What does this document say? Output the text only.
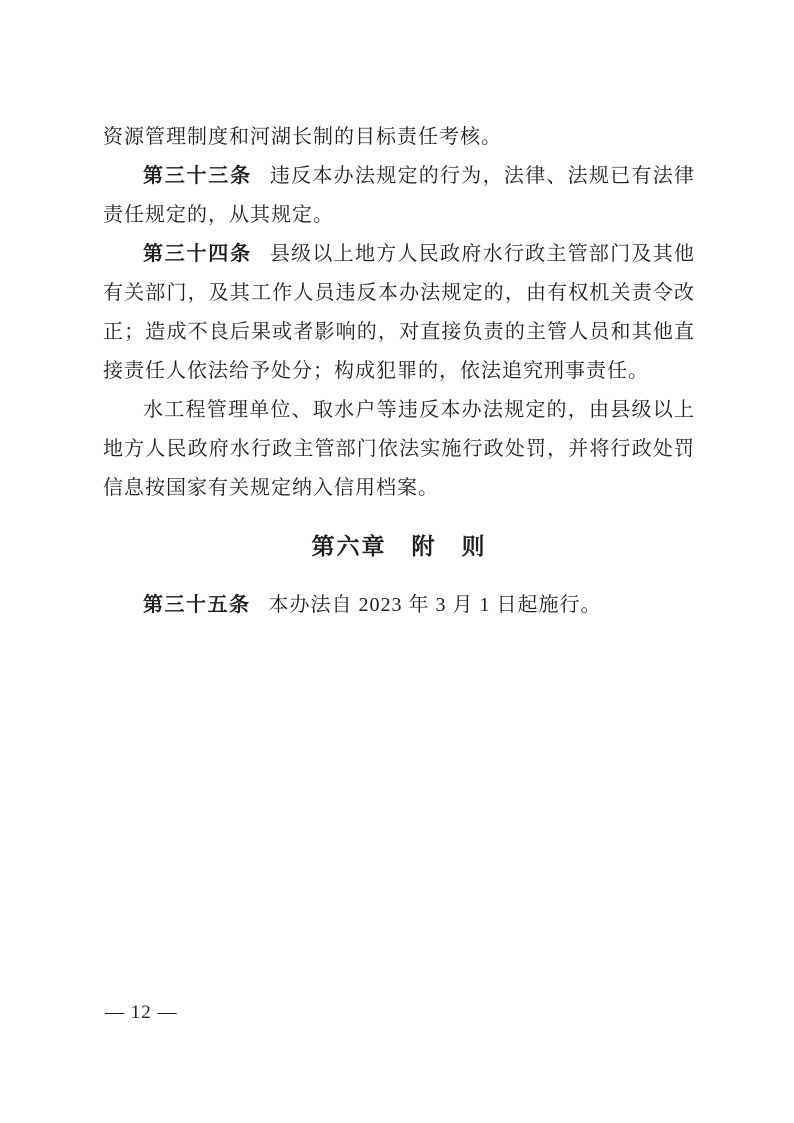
资源管理制度和河湖长制的目标责任考核。

第三十三条 违反本办法规定的行为，法律、法规已有法律责任规定的，从其规定。

第三十四条 县级以上地方人民政府水行政主管部门及其他有关部门，及其工作人员违反本办法规定的，由有权机关责令改正；造成不良后果或者影响的，对直接负责的主管人员和其他直接责任人依法给予处分；构成犯罪的，依法追究刑事责任。

水工程管理单位、取水户等违反本办法规定的，由县级以上地方人民政府水行政主管部门依法实施行政处罚，并将行政处罚信息按国家有关规定纳入信用档案。

第六章　附　则

第三十五条 本办法自 2023 年 3 月 1 日起施行。

— 12 —
